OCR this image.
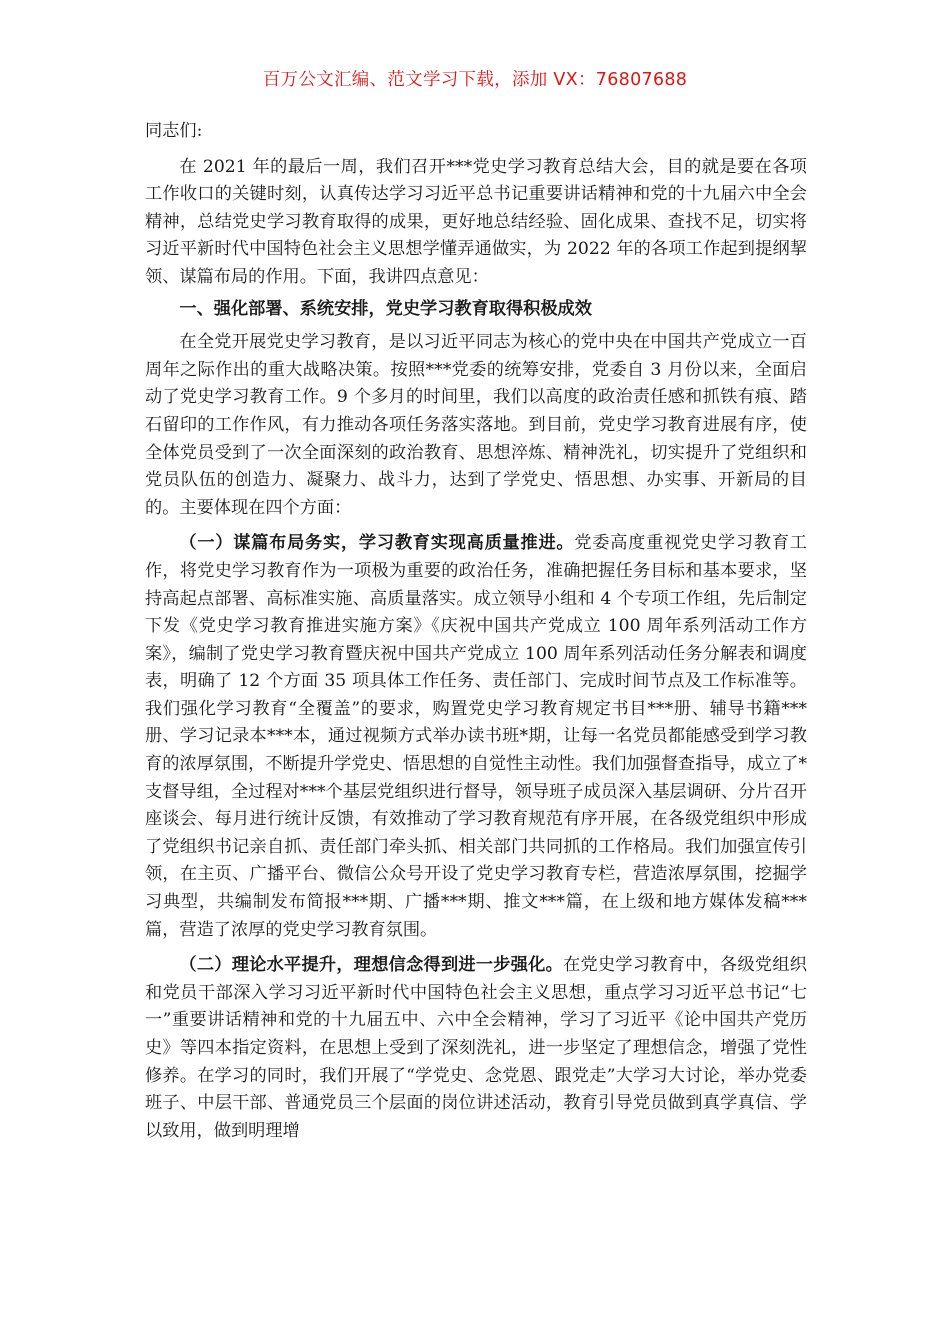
百万公文汇编、范文学习下载，添加 VX：76807688

同志们:

在 2021 年的最后一周，我们召开***党史学习教育总结大会，目的就是要在各项工作收口的关键时刻，认真传达学习习近平总书记重要讲话精神和党的十九届六中全会精神，总结党史学习教育取得的成果，更好地总结经验、固化成果、查找不足，切实将习近平新时代中国特色社会主义思想学懂弄通做实，为 2022 年的各项工作起到提纲挈领、谋篇布局的作用。下面，我讲四点意见：

一、强化部署、系统安排，党史学习教育取得积极成效

在全党开展党史学习教育，是以习近平同志为核心的党中央在中国共产党成立一百周年之际作出的重大战略决策。按照***党委的统筹安排，党委自 3 月份以来，全面启动了党史学习教育工作。9 个多月的时间里，我们以高度的政治责任感和抓铁有痕、踏石留印的工作作风，有力推动各项任务落实落地。到目前，党史学习教育进展有序，使全体党员受到了一次全面深刻的政治教育、思想淬炼、精神洗礼，切实提升了党组织和党员队伍的创造力、凝聚力、战斗力，达到了学党史、悟思想、办实事、开新局的目的。主要体现在四个方面：

（一）谋篇布局务实，学习教育实现高质量推进。党委高度重视党史学习教育工作，将党史学习教育作为一项极为重要的政治任务，准确把握任务目标和基本要求，坚持高起点部署、高标准实施、高质量落实。成立领导小组和 4 个专项工作组，先后制定下发《党史学习教育推进实施方案》《庆祝中国共产党成立 100 周年系列活动工作方案》，编制了党史学习教育暨庆祝中国共产党成立 100 周年系列活动任务分解表和调度表，明确了 12 个方面 35 项具体工作任务、责任部门、完成时间节点及工作标准等。我们强化学习教育“全覆盖”的要求，购置党史学习教育规定书目***册、辅导书籍***册、学习记录本***本，通过视频方式举办读书班*期，让每一名党员都能感受到学习教育的浓厚氛围，不断提升学党史、悟思想的自觉性主动性。我们加强督查指导，成立了*支督导组，全过程对***个基层党组织进行督导，领导班子成员深入基层调研、分片召开座谈会、每月进行统计反馈，有效推动了学习教育规范有序开展，在各级党组织中形成了党组织书记亲自抓、责任部门牵头抓、相关部门共同抓的工作格局。我们加强宣传引领，在主页、广播平台、微信公众号开设了党史学习教育专栏，营造浓厚氛围，挖掘学习典型，共编制发布简报***期、广播***期、推文***篇，在上级和地方媒体发稿***篇，营造了浓厚的党史学习教育氛围。

（二）理论水平提升，理想信念得到进一步强化。在党史学习教育中，各级党组织和党员干部深入学习习近平新时代中国特色社会主义思想，重点学习习近平总书记“七一”重要讲话精神和党的十九届五中、六中全会精神，学习了习近平《论中国共产党历史》等四本指定资料，在思想上受到了深刻洗礼，进一步坚定了理想信念，增强了党性修养。在学习的同时，我们开展了“学党史、念党恩、跟党走”大学习大讨论，举办党委班子、中层干部、普通党员三个层面的岗位讲述活动，教育引导党员做到真学真信、学以致用，做到明理增
